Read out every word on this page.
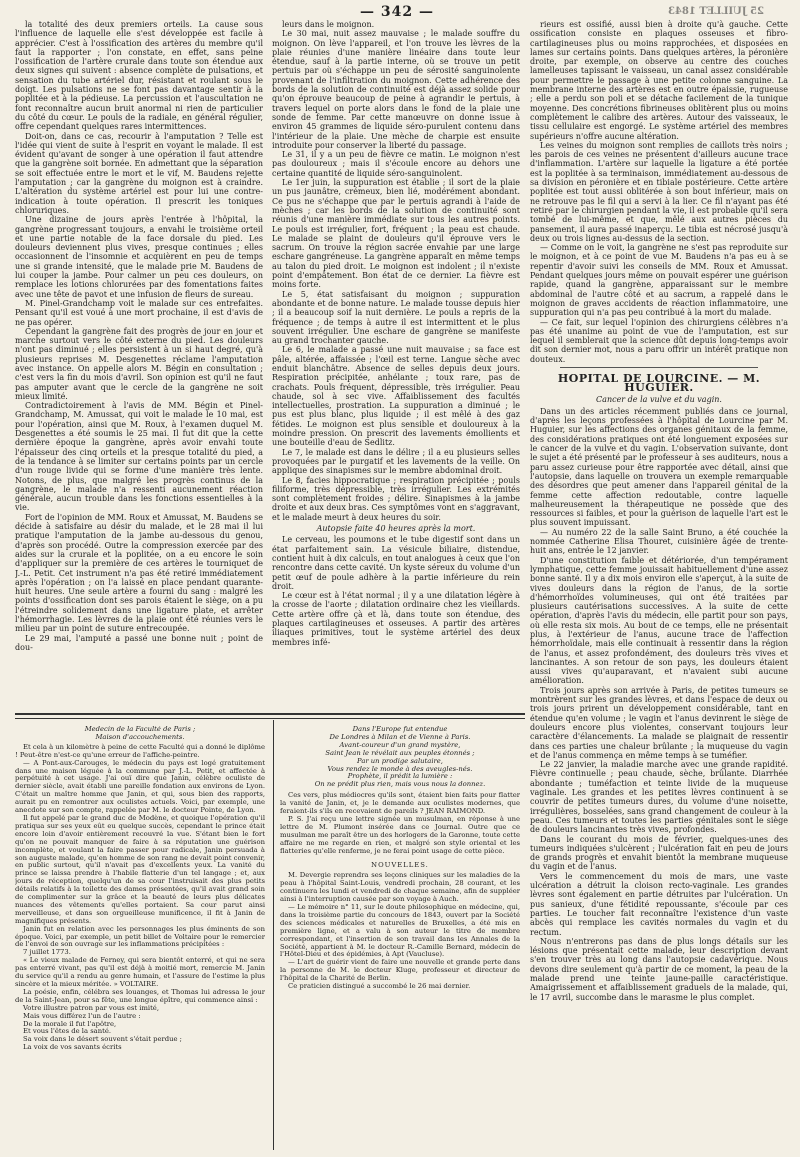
— 342 —	25 JUILLET 1843

la totalité des deux premiers orteils. La cause sous l'influence de laquelle elle s'est développée est facile à apprécier. C'est à l'ossification des artères du membre qu'il faut la rapporter ; l'on constate, en effet, sans peine l'ossification de l'artère crurale dans toute son étendue aux deux signes qui suivent : absence complète de pulsations, et sensation du tube artériel dur, résistant et roulant sous le doigt. Les pulsations ne se font pas davantage sentir à la poplitée et à la pédieuse. La percussion et l'auscultation ne font reconnaître aucun bruit anormal ni rien de particulier du côté du cœur. Le pouls de la radiale, en général régulier, offre cependant quelques rares intermittences.

Doit-on, dans ce cas, recourir à l'amputation ? Telle est l'idée qui vient de suite à l'esprit en voyant le malade. Il est évident qu'avant de songer à une opération il faut attendre que la gangrène soit bornée. En admettant que la séparation se soit effectuée entre le mort et le vif, M. Baudens rejette l'amputation ; car la gangrène du moignon est à craindre. L'altération du système artériel est pour lui une contre-indication à toute opération. Il prescrit les toniques chloruriques.

Une dizaine de jours après l'entrée à l'hôpital, la gangrène progressant toujours, a envahi le troisième orteil et une partie notable de la face dorsale du pied. Les douleurs deviennent plus vives, presque continues ; elles occasionnent de l'insomnie et acquièrent en peu de temps une si grande intensité, que le malade prie M. Baudens de lui couper la jambe. Pour calmer un peu ces douleurs, on remplace les lotions chlorurées par des fomentations faites avec une tête de pavot et une infusion de fleurs de sureau.

M. Pinel-Grandchamp voit le malade sur ces entrefaites. Pensant qu'il est voué à une mort prochaine, il est d'avis de ne pas opérer.

Cependant la gangrène fait des progrès de jour en jour et marche surtout vers le côté externe du pied. Les douleurs n'ont pas diminué ; elles persistent à un si haut degré, qu'à plusieurs reprises M. Desgenettes réclame l'amputation avec instance. On appelle alors M. Bégin en consultation ; c'est vers la fin du mois d'avril. Son opinion est qu'il ne faut pas amputer avant que le cercle de la gangrène ne soit mieux limité.

Contradictoirement à l'avis de MM. Bégin et Pinel-Grandchamp, M. Amussat, qui voit le malade le 10 mai, est pour l'opération, ainsi que M. Roux, à l'examen duquel M. Desgenettes a été soumis le 25 mai. Il fut dit que la cette dernière époque la gangrène, après avoir envahi toute l'épaisseur des cinq orteils et la presque totalité du pied, a de la tendance à se limiter sur certains points par un cercle d'un rouge livide qui se forme d'une manière très lente. Notons, de plus, que malgré les progrès continus de la gangrène, le malade n'a ressenti aucunement réaction générale, aucun trouble dans les fonctions essentielles à la vie.

Fort de l'opinion de MM. Roux et Amussat, M. Baudens se décide à satisfaire au désir du malade, et le 28 mai il lui pratique l'amputation de la jambe au-dessous du genou, d'après son procédé. Outre la compression exercée par des aides sur la crurale et la poplitée, on a eu encore le soin d'appliquer sur la première de ces artères le tourniquet de J.-L. Petit. Cet instrument n'a pas été retiré immédiatement après l'opération ; on l'a laissé en place pendant quarante-huit heures. Une seule artère a fourni du sang : malgré les points d'ossification dont ses parois étaient le siège, on a pu l'étreindre solidement dans une ligature plate, et arrêter l'hémorrhagie. Les lèvres de la plaie ont été réunies vers le milieu par un point de suture entrecoupée.

Le 29 mai, l'amputé a passé une bonne nuit ; point de dou-

leurs dans le moignon.

Le 30 mai, nuit assez mauvaise ; le malade souffre du moignon. On lève l'appareil, et l'on trouve les lèvres de la plaie réunies d'une manière linéaire dans toute leur étendue, sauf à la partie interne, où se trouve un petit pertuis par où s'échappe un peu de sérosité sanguinolente provenant de l'infiltration du moignon. Cette adhérence des bords de la solution de continuité est déjà assez solide pour qu'on éprouve beaucoup de peine à agrandir le pertuis, à travers lequel on porte alors dans le fond de la plaie une sonde de femme. Par cette manœuvre on donne issue à environ 45 grammes de liquide séro-purulent contenu dans l'intérieur de la plaie. Une mèche de charpie est ensuite introduite pour conserver la liberté du passage.

Le 31, il y a un peu de fièvre ce matin. Le moignon n'est pas douloureux ; mais il s'écoule encore au dehors une certaine quantité de liquide séro-sanguinolent.

Le 1er juin, la suppuration est établie ; il sort de la plaie un pus jaunâtre, crémeux, bien lié, modérément abondant. Ce pus ne s'échappe que par le pertuis agrandi à l'aide de mèches ; car les bords de la solution de continuité sont réunis d'une manière immédiate sur tous les autres points. Le pouls est irrégulier, fort, fréquent ; la peau est chaude. Le malade se plaint de douleurs qu'il éprouve vers le sacrum. On trouve la région sacrée envahie par une large eschare gangréneuse. La gangrène apparaît en même temps au talon du pied droit. Le moignon est indolent ; il n'existe point d'empâtement. Bon état de ce dernier. La fièvre est moins forte.

Le 5, état satisfaisant du moignon ; suppuration abondante et de bonne nature. Le malade tousse depuis hier ; il a beaucoup soif la nuit dernière. Le pouls a repris de la fréquence ; de temps à autre il est intermittent et le plus souvent irrégulier. Une eschare de gangrène se manifeste au grand trochanter gauche.

Le 6, le malade a passé une nuit mauvaise ; sa face est pâle, altérée, affaissée ; l'œil est terne. Langue sèche avec enduit blanchâtre. Absence de selles depuis deux jours. Respiration précipitée, anhélante ; toux rare, pas de crachats. Pouls fréquent, dépressible, très irrégulier. Peau chaude, sol à sec vive. Affaiblissement des facultés intellectuelles, prostration. La suppuration a diminué ; le pus est plus blanc, plus liquide ; il est mêlé à des gaz fétides. Le moignon est plus sensible et douloureux à la moindre pression. On prescrit des lavements émollients et une bouteille d'eau de Sedlitz.

Le 7, le malade est dans le délire ; il a eu plusieurs selles provoquées par le purgatif et les lavements de la veille. On applique des sinapismes sur le membre abdominal droit.

Le 8, facies hippocratique ; respiration précipitée ; pouls filiforme, très dépressible, très irrégulier. Les extrémités sont complètement froides ; délire. Sinapismes à la jambe droite et aux deux bras. Ces symptômes vont en s'aggravant, et le malade meurt à deux heures du soir.

Autopsie faite 40 heures après la mort.

Le cerveau, les poumons et le tube digestif sont dans un état parfaitement sain. La vésicule biliaire, distendue, contient huit à dix calculs, en tout analogues à ceux que l'on rencontre dans cette cavité. Un kyste séreux du volume d'un petit œuf de poule adhère à la partie inférieure du rein droit.

Le cœur est à l'état normal ; il y a une dilatation légère à la crosse de l'aorte ; dilatation ordinaire chez les vieillards. Cette artère offre çà et là, dans toute son étendue, des plaques cartilagineuses et osseuses. A partir des artères iliaques primitives, tout le système artériel des deux membres infé-

rieurs est ossifié, aussi bien à droite qu'à gauche. Cette ossification consiste en plaques osseuses et fibro-cartilagineuses plus ou moins rapprochées, et disposées en lames sur certains points. Dans quelques artères, la péronière droite, par exemple, on observe au centre des couches lamelleuses tapissant le vaisseau, un canal assez considérable pour permettre le passage à une petite colonne sanguine. La membrane interne des artères est en outre épaissie, rugueuse ; elle a perdu son poli et se détache facilement de la tunique moyenne. Des concrétions fibrineuses oblitèrent plus ou moins complètement le calibre des artères. Autour des vaisseaux, le tissu cellulaire est engorgé. Le système artériel des membres supérieurs n'offre aucune altération.

Les veines du moignon sont remplies de caillots très noirs ; les parois de ces veines ne présentent d'ailleurs aucune trace d'inflammation. L'artère sur laquelle la ligature a été portée est la poplitée à sa terminaison, immédiatement au-dessous de sa division en péronière et en tibiale postérieure. Cette artère poplitée est tout aussi oblitérée à son bout inférieur, mais on ne retrouve pas le fil qui a servi à la lier. Ce fil n'ayant pas été retiré par le chirurgien pendant la vie, il est probable qu'il sera tombé de lui-même, et que, mêlé aux autres pièces du pansement, il aura passé inaperçu. Le tibia est nécrosé jusqu'à deux ou trois lignes au-dessus de la section.

— Comme on le voit, la gangrène ne s'est pas reproduite sur le moignon, et à ce point de vue M. Baudens n'a pas eu à se repentir d'avoir suivi les conseils de MM. Roux et Amussat. Pendant quelques jours même on pouvait espérer une guérison rapide, quand la gangrène, apparaissant sur le membre abdominal de l'autre côté et au sacrum, a rappelé dans le moignon de graves accidents de réaction inflammatoire, une suppuration qui n'a pas peu contribué à la mort du malade.

— Ce fait, sur lequel l'opinion des chirurgiens célèbres n'a pas été unanime au point de vue de l'amputation, est sur lequel il semblerait que la science dût depuis long-temps avoir dit son dernier mot, nous a paru offrir un intérêt pratique non douteux.

HOPITAL DE LOURCINE. — M. HUGUIER.

Cancer de la vulve et du vagin.

Dans un des articles récemment publiés dans ce journal, d'après les leçons professées à l'hôpital de Lourcine par M. Huguier, sur les affections des organes génitaux de la femme, des considérations pratiques ont été longuement exposées sur le cancer de la vulve et du vagin. L'observation suivante, dont le sujet a été présenté par le professeur à ses auditeurs, nous a paru assez curieuse pour être rapportée avec détail, ainsi que l'autopsie, dans laquelle on trouvera un exemple remarquable des désordres que peut amener dans l'appareil génital de la femme cette affection redoutable, contre laquelle malheureusement la thérapeutique ne possède que des ressources si faibles, et pour la guérison de laquelle l'art est le plus souvent impuissant.

— Au numéro 22 de la salle Saint Bruno, a été couchée la nommée Catherine Elisa Thouret, cuisinière âgée de trente-huit ans, entrée le 12 janvier.

D'une constitution faible et détériorée, d'un tempérament lymphatique, cette femme jouissait habituellement d'une assez bonne santé. Il y a dix mois environ elle s'aperçut, à la suite de vives douleurs dans la région de l'anus, de la sortie d'hémorrhoïdes volumineuses, qui ont été traitées par plusieurs cautérisations successives. A la suite de cette opération, d'après l'avis du médecin, elle partit pour son pays, où elle resta six mois. Au bout de ce temps, elle ne présentait plus, à l'extérieur de l'anus, aucune trace de l'affection hémorrhoïdale, mais elle continuait à ressentir dans la région de l'anus, et assez profondément, des douleurs très vives et lancinantes. A son retour de son pays, les douleurs étaient aussi vives qu'auparavant, et n'avaient subi aucune amélioration.

Trois jours après son arrivée à Paris, de petites tumeurs se montrèrent sur les grandes lèvres, et dans l'espace de deux ou trois jours prirent un développement considérable, tant en étendue qu'en volume ; le vagin et l'anus devinrent le siège de douleurs encore plus violentes, conservant toujours leur caractère d'élancements. La malade se plaignait de ressentir dans ces parties une chaleur brûlante ; la muqueuse du vagin et de l'anus commença en même temps à se tuméfier.

Le 22 janvier, la maladie marche avec une grande rapidité. Fièvre continuelle ; peau chaude, sèche, brûlante. Diarrhée abondante ; tuméfaction et teinte livide de la muqueuse vaginale. Les grandes et les petites lèvres continuent à se couvrir de petites tumeurs dures, du volume d'une noisette, irrégulières, bosselées, sans grand changement de couleur à la peau. Ces tumeurs et toutes les parties génitales sont le siège de douleurs lancinantes très vives, profondes.

Dans le courant du mois de février, quelques-unes des tumeurs indiquées s'ulcèrent ; l'ulcération fait en peu de jours de grands progrès et envahit bientôt la membrane muqueuse du vagin et de l'anus.

Vers le commencement du mois de mars, une vaste ulcération a détruit la cloison recto-vaginale. Les grandes lèvres sont également en partie détruites par l'ulcération. Un pus sanieux, d'une fétidité repoussante, s'écoule par ces parties. Le toucher fait reconnaître l'existence d'un vaste abcès qui remplace les cavités normales du vagin et du rectum.

Nous n'entrerons pas dans de plus longs détails sur les lésions que présentait cette malade, leur description devant s'en trouver très au long dans l'autopsie cadavérique. Nous devons dire seulement qu'à partir de ce moment, la peau de la malade prend une teinte jaune-paille caractéristique. Amaigrissement et affaiblissement graduels de la malade, qui, le 17 avril, succombe dans le marasme le plus complet.

Medecin de la Faculté de Paris ;

Maison d'accouchements.

Et cela à un kilomètre à peine de cette Faculté qui a donné le diplôme ! Peut-être n'est-ce qu'une erreur de l'affiche-peintre.

— A Pont-aux-Carouges, le médecin du pays est logé gratuitement dans une maison léguée à la commune par J.-L. Petit, et affectée à perpétuité à cet usage. J'ai ouï dire que Janin, célèbre oculiste de dernier siècle, avait établi une pareille fondation aux environs de Lyon. C'était un maître homme que Janin, et qui, sous bien des rapports, aurait pu en remontrer aux oculistes actuels. Voici, par exemple, une anecdote sur son compte, rappelée par M. le docteur Pointe, de Lyon.

Il fut appelé par le grand duc de Modène, et quoique l'opération qu'il pratiqua sur ses yeux eût eu quelque succès, cependant le prince était encore loin d'avoir entièrement recouvré la vue. S'étant bien le fort qu'on ne pouvait manquer de faire à sa réputation une guérison incomplète, et voulant la faire passer pour radicale, Janin persuada à son auguste malade, qu'en homme de son rang ne devait point convenir, en public surtout, qu'il n'avait pas d'excellents yeux. La vanité du prince se laissa prendre à l'habile flatterie d'un tel langage ; et, aux jours de réception, quelqu'un de sa cour l'instruisait des plus petits détails relatifs à la toilette des dames présentées, qu'il avait grand soin de complimenter sur la grâce et la beauté de leurs plus délicates nuances des vêtements qu'elles portaient. Sa cour parut ainsi merveilleuse, et dans son orgueilleuse munificence, il fit à Janin de magnifiques présents.

Janin fut en relation avec les personnages les plus éminents de son époque. Voici, par exemple, un petit billet de Voltaire pour le remercier de l'envoi de son ouvrage sur les inflammations précipitées :

7 juillet 1773.

« Le vieux malade de Ferney, qui sera bientôt enterré, et qui ne sera pas enterré vivant, pas qu'il est déjà à moitié mort, remercie M. Janin du service qu'il a rendu au genre humain, et l'assure de l'estime la plus sincère et la mieux méritée. » VOLTAIRE.

La poésie, enfin, célébra ses louanges, et Thomas lui adressa le jour de la Saint-Jean, pour sa fête, une longue épître, qui commence ainsi :

Votre illustre patron par vous est imité,

Mais vous différez l'un de l'autre :

De la morale il fut l'apôtre,

Et vous l'êtes de la santé.

Sa voix dans le désert souvent s'était perdue ;

La voix de vos savants écrits

Dans l'Europe fut entendue

De Londres à Milan et de Vienne à Paris.

Avant-coureur d'un grand mystère,

Saint Jean le révélait aux peuples étonnés ;

Par un prodige salutaire,

Vous rendez le monde à des aveugles-nés.

Prophète, il prédit la lumière :

On ne prédit plus rien, mais vous nous la donnez.

Ces vers, plus médiocres qu'ils sont, étaient bien faits pour flatter la vanité de Janin, et, je le demande aux oculistes modernes, que feraient-ils s'ils en recevaient de pareils ? JEAN RAIMOND.

P. S. J'ai reçu une lettre signée un musulman, en réponse à une lettre de M. Plumont insérée dans ce Journal. Outre que ce musulman me paraît être un des horlogers de la Garonne, toute cette affaire ne me regarde en rien, et malgré son style oriental et les flatteries qu'elle renferme, je ne ferai point usage de cette pièce.

NOUVELLES.

M. Devergie reprendra ses leçons cliniques sur les maladies de la peau à l'hôpital Saint-Louis, vendredi prochain, 28 courant, et les continuera les lundi et vendredi de chaque semaine, afin de suppléer ainsi à l'interruption causée par son voyage à Auch.

— Le mémoire n° 11, sur le doute philosophique en médecine, qui, dans la troisième partie du concours de 1843, ouvert par la Société des sciences médicales et naturelles de Bruxelles, a été mis en première ligne, et a valu à son auteur le titre de membre correspondant, et l'insertion de son travail dans les Annales de la Société, appartient à M. le docteur R.-Camille Bernard, médecin de l'Hôtel-Dieu et des épidémies, à Apt (Vaucluse).

— L'art de guérir vient de faire une nouvelle et grande perte dans la personne de M. le docteur Kluge, professeur et directeur de l'hôpital de la Charité de Berlin.

Ce praticien distingué a succombé le 26 mai dernier.
